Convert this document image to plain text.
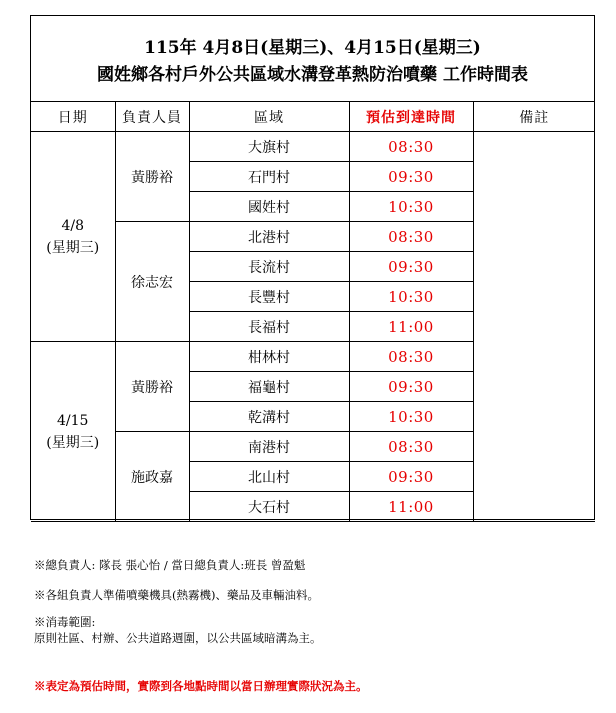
115年 4月8日(星期三)、4月15日(星期三)
國姓鄉各村戶外公共區域水溝登革熱防治噴藥 工作時間表
日期	負責人員	區域	預估到達時間	備註

4/8
(星期三)	黃勝裕	大旗村	08:30	
		石門村	09:30	
		國姓村	10:30	
	徐志宏	北港村	08:30	
		長流村	09:30	
		長豐村	10:30	
		長福村	11:00	

4/15
(星期三)	黃勝裕	柑林村	08:30	
		福龜村	09:30	
		乾溝村	10:30	
	施政嘉	南港村	08:30	
		北山村	09:30	
		大石村	11:00	
※總負責人: 隊長 張心怡 / 當日總負責人:班長 曾盈魁
※各組負責人準備噴藥機具(熱霧機)、藥品及車輛油料。
※消毒範圍:
原則社區、村辦、公共道路週圍，以公共區域暗溝為主。
※表定為預估時間，實際到各地點時間以當日辦理實際狀況為主。
